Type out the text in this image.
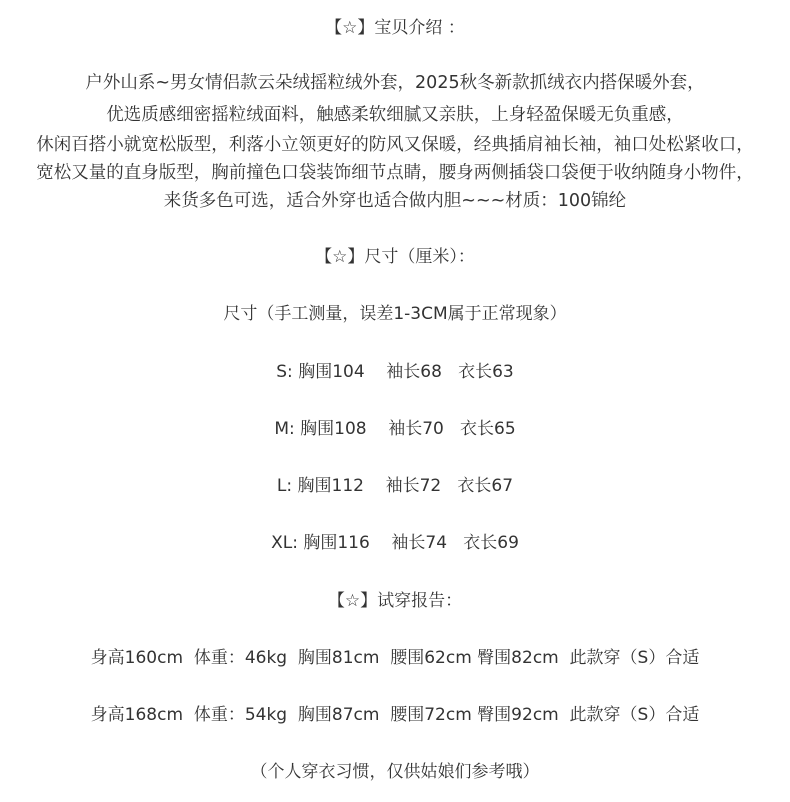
【☆】宝贝介绍 ：
户外山系~男女情侣款云朵绒摇粒绒外套，2025秋冬新款抓绒衣内搭保暖外套，
优选质感细密摇粒绒面料，触感柔软细腻又亲肤，上身轻盈保暖无负重感，
休闲百搭小就宽松版型，利落小立领更好的防风又保暖，经典插肩袖长袖，袖口处松紧收口，
宽松又量的直身版型，胸前撞色口袋装饰细节点睛，腰身两侧插袋口袋便于收纳随身小物件，
来货多色可选，适合外穿也适合做内胆~~~材质：100锦纶
【☆】尺寸（厘米）：
尺寸（手工测量，误差1-3CM属于正常现象）
S: 胸围104    袖长68   衣长63
M: 胸围108    袖长70   衣长65
L: 胸围112    袖长72   衣长67
XL: 胸围116    袖长74   衣长69
【☆】试穿报告：
身高160cm  体重：46kg  胸围81cm  腰围62cm 臀围82cm  此款穿（S）合适
身高168cm  体重：54kg  胸围87cm  腰围72cm 臀围92cm  此款穿（S）合适
（个人穿衣习惯，仅供姑娘们参考哦）
